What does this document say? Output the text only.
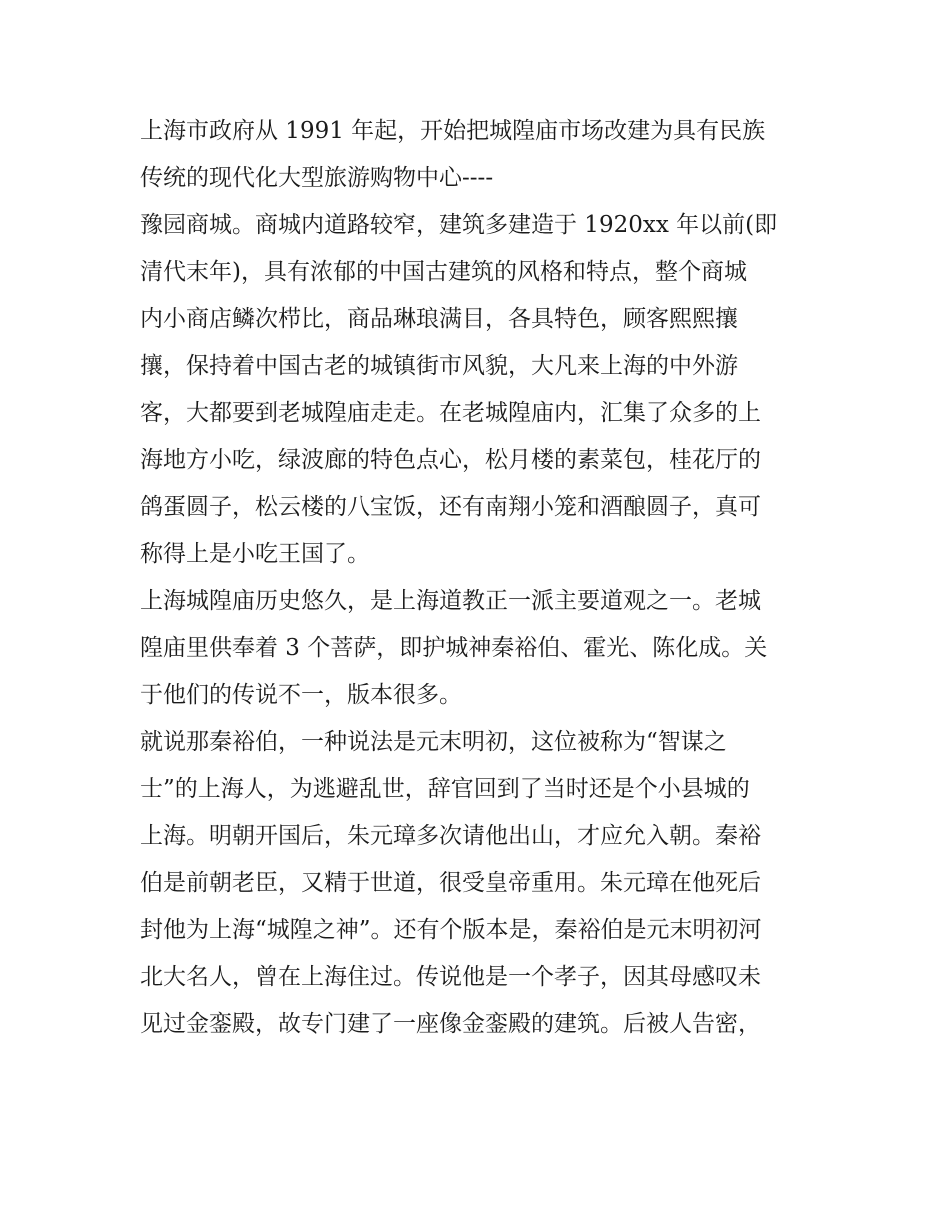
上海市政府从 1991 年起，开始把城隍庙市场改建为具有民族
传统的现代化大型旅游购物中心----
豫园商城。商城内道路较窄，建筑多建造于 1920xx 年以前(即
清代末年)，具有浓郁的中国古建筑的风格和特点，整个商城
内小商店鳞次栉比，商品琳琅满目，各具特色，顾客熙熙攘
攘，保持着中国古老的城镇街市风貌，大凡来上海的中外游
客，大都要到老城隍庙走走。在老城隍庙内，汇集了众多的上
海地方小吃，绿波廊的特色点心，松月楼的素菜包，桂花厅的
鸽蛋圆子，松云楼的八宝饭，还有南翔小笼和酒酿圆子，真可
称得上是小吃王国了。
上海城隍庙历史悠久，是上海道教正一派主要道观之一。老城
隍庙里供奉着 3 个菩萨，即护城神秦裕伯、霍光、陈化成。关
于他们的传说不一，版本很多。
就说那秦裕伯，一种说法是元末明初，这位被称为“智谋之
士”的上海人，为逃避乱世，辞官回到了当时还是个小县城的
上海。明朝开国后，朱元璋多次请他出山，才应允入朝。秦裕
伯是前朝老臣，又精于世道，很受皇帝重用。朱元璋在他死后
封他为上海“城隍之神”。还有个版本是，秦裕伯是元末明初河
北大名人，曾在上海住过。传说他是一个孝子，因其母感叹未
见过金銮殿，故专门建了一座像金銮殿的建筑。后被人告密，
